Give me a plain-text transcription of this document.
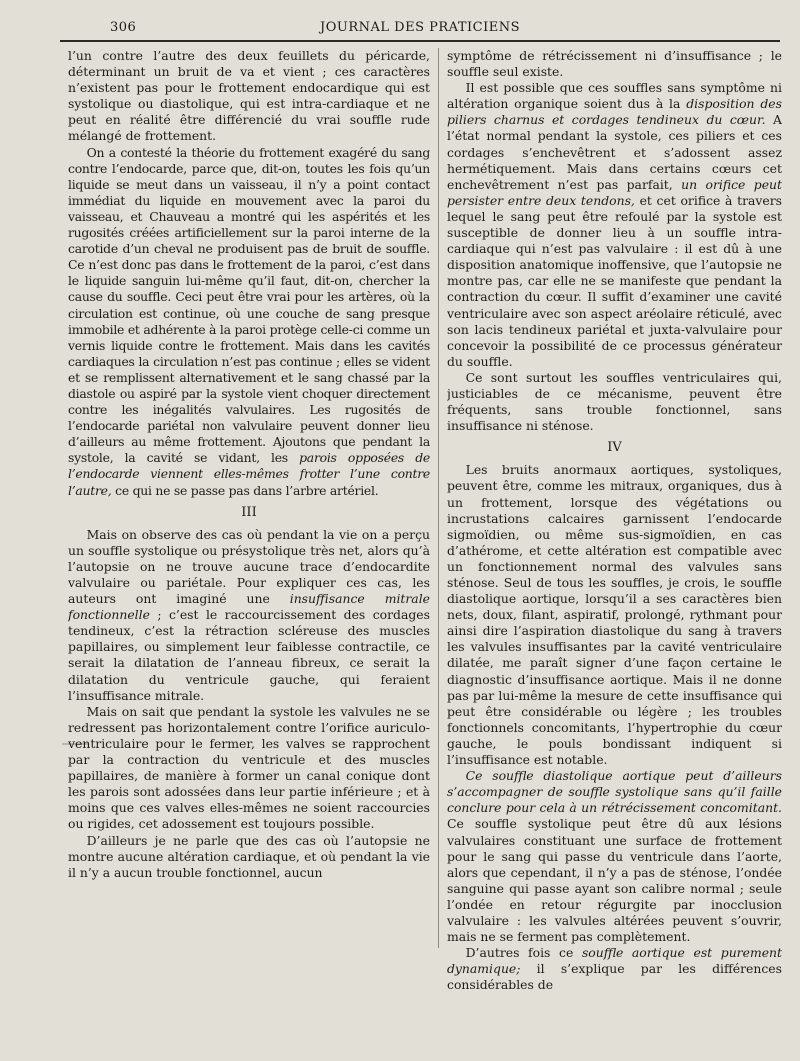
306	JOURNAL DES PRATICIENS

l’un contre l’autre des deux feuillets du péricarde, déterminant un bruit de va et vient ; ces caractères n’existent pas pour le frottement endocardique qui est systolique ou diastolique, qui est intra-cardiaque et ne peut en réalité être différencié du vrai souffle rude mélangé de frottement.

On a contesté la théorie du frottement exagéré du sang contre l’endocarde, parce que, dit-on, toutes les fois qu’un liquide se meut dans un vaisseau, il n’y a point contact immédiat du liquide en mouvement avec la paroi du vaisseau, et Chauveau a montré qui les aspérités et les rugosités créées artificiellement sur la paroi interne de la carotide d’un cheval ne produisent pas de bruit de souffle. Ce n’est donc pas dans le frottement de la paroi, c’est dans le liquide sanguin lui-même qu’il faut, dit-on, chercher la cause du souffle. Ceci peut être vrai pour les artères, où la circulation est continue, où une couche de sang presque immobile et adhérente à la paroi protège celle-ci comme un vernis liquide contre le frottement. Mais dans les cavités cardiaques la circulation n’est pas continue ; elles se vident et se remplissent alternativement et le sang chassé par la diastole ou aspiré par la systole vient choquer directement contre les inégalités valvulaires. Les rugosités de l’endocarde pariétal non valvulaire peuvent donner lieu d’ailleurs au même frottement. Ajoutons que pendant la systole, la cavité se vidant, les parois opposées de l’endocarde viennent elles-mêmes frotter l’une contre l’autre, ce qui ne se passe pas dans l’arbre artériel.

III

Mais on observe des cas où pendant la vie on a perçu un souffle systolique ou présystolique très net, alors qu’à l’autopsie on ne trouve aucune trace d’endocardite valvulaire ou pariétale. Pour expliquer ces cas, les auteurs ont imaginé une insuffisance mitrale fonctionnelle ; c’est le raccourcissement des cordages tendineux, c’est la rétraction scléreuse des muscles papillaires, ou simplement leur faiblesse contractile, ce serait la dilatation de l’anneau fibreux, ce serait la dilatation du ventricule gauche, qui feraient l’insuffisance mitrale.

Mais on sait que pendant la systole les valvules ne se redressent pas horizontalement contre l’orifice auriculo-ventriculaire pour le fermer, les valves se rapprochent par la contraction du ventricule et des muscles papillaires, de manière à former un canal conique dont les parois sont adossées dans leur partie inférieure ; et à moins que ces valves elles-mêmes ne soient raccourcies ou rigides, cet adossement est toujours possible.

D’ailleurs je ne parle que des cas où l’autopsie ne montre aucune altération cardiaque, et où pendant la vie il n’y a aucun trouble fonctionnel, aucun

symptôme de rétrécissement ni d’insuffisance ; le souffle seul existe.

Il est possible que ces souffles sans symptôme ni altération organique soient dus à la disposition des piliers charnus et cordages tendineux du cœur. A l’état normal pendant la systole, ces piliers et ces cordages s’enchevêtrent et s’adossent assez hermétiquement. Mais dans certains cœurs cet enchevêtrement n’est pas parfait, un orifice peut persister entre deux tendons, et cet orifice à travers lequel le sang peut être refoulé par la systole est susceptible de donner lieu à un souffle intra-cardiaque qui n’est pas valvulaire : il est dû à une disposition anatomique inoffensive, que l’autopsie ne montre pas, car elle ne se manifeste que pendant la contraction du cœur. Il suffit d’examiner une cavité ventriculaire avec son aspect aréolaire réticulé, avec son lacis tendineux pariétal et juxta-valvulaire pour concevoir la possibilité de ce processus générateur du souffle.

Ce sont surtout les souffles ventriculaires qui, justiciables de ce mécanisme, peuvent être fréquents, sans trouble fonctionnel, sans insuffisance ni sténose.

IV

Les bruits anormaux aortiques, systoliques, peuvent être, comme les mitraux, organiques, dus à un frottement, lorsque des végétations ou incrustations calcaires garnissent l’endocarde sigmoïdien, ou même sus-sigmoïdien, en cas d’athérome, et cette altération est compatible avec un fonctionnement normal des valvules sans sténose. Seul de tous les souffles, je crois, le souffle diastolique aortique, lorsqu’il a ses caractères bien nets, doux, filant, aspiratif, prolongé, rythmant pour ainsi dire l’aspiration diastolique du sang à travers les valvules insuffisantes par la cavité ventriculaire dilatée, me paraît signer d’une façon certaine le diagnostic d’insuffisance aortique. Mais il ne donne pas par lui-même la mesure de cette insuffisance qui peut être considérable ou légère ; les troubles fonctionnels concomitants, l’hypertrophie du cœur gauche, le pouls bondissant indiquent si l’insuffisance est notable.

Ce souffle diastolique aortique peut d’ailleurs s’accompagner de souffle systolique sans qu’il faille conclure pour cela à un rétrécissement concomitant. Ce souffle systolique peut être dû aux lésions valvulaires constituant une surface de frottement pour le sang qui passe du ventricule dans l’aorte, alors que cependant, il n’y a pas de sténose, l’ondée sanguine qui passe ayant son calibre normal ; seule l’ondée en retour régurgite par inocclusion valvulaire : les valvules altérées peuvent s’ouvrir, mais ne se ferment pas complètement.

D’autres fois ce souffle aortique est purement dynamique; il s’explique par les différences considérables de
